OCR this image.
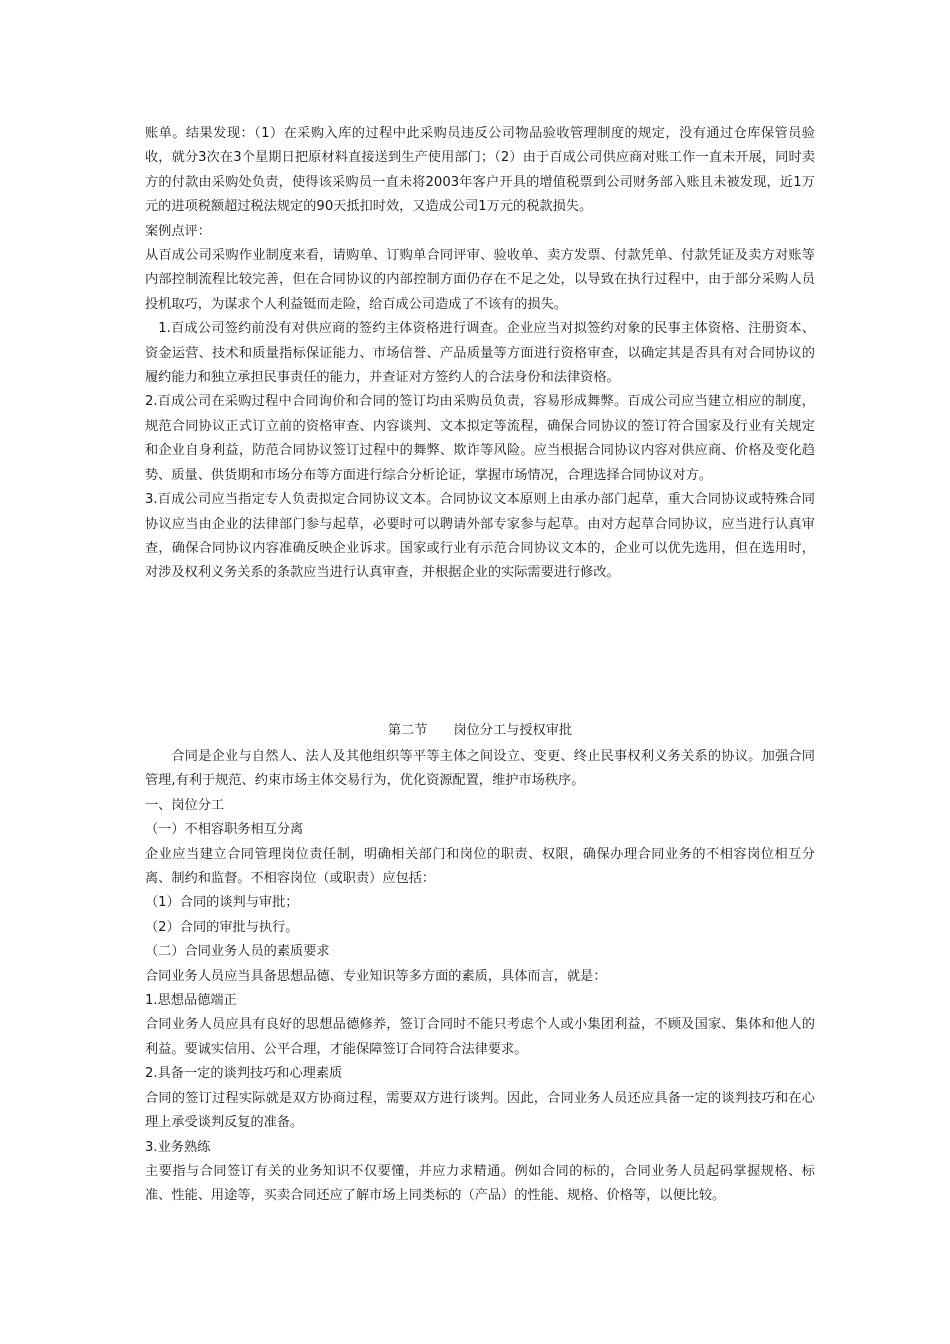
账单。结果发现：（1）在采购入库的过程中此采购员违反公司物品验收管理制度的规定，没有通过仓库保管员验收，就分3次在3个星期日把原材料直接送到生产使用部门；（2）由于百成公司供应商对账工作一直未开展，同时卖方的付款由采购处负责，使得该采购员一直未将2003年客户开具的增值税票到公司财务部入账且未被发现，近1万元的进项税额超过税法规定的90天抵扣时效，又造成公司1万元的税款损失。

案例点评：

从百成公司采购作业制度来看，请购单、订购单合同评审、验收单、卖方发票、付款凭单、付款凭证及卖方对账等内部控制流程比较完善，但在合同协议的内部控制方面仍存在不足之处，以导致在执行过程中，由于部分采购人员投机取巧，为谋求个人利益铤而走险，给百成公司造成了不该有的损失。

1.百成公司签约前没有对供应商的签约主体资格进行调查。企业应当对拟签约对象的民事主体资格、注册资本、资金运营、技术和质量指标保证能力、市场信誉、产品质量等方面进行资格审查，以确定其是否具有对合同协议的履约能力和独立承担民事责任的能力，并查证对方签约人的合法身份和法律资格。

2.百成公司在采购过程中合同询价和合同的签订均由采购员负责，容易形成舞弊。百成公司应当建立相应的制度，规范合同协议正式订立前的资格审查、内容谈判、文本拟定等流程，确保合同协议的签订符合国家及行业有关规定和企业自身利益，防范合同协议签订过程中的舞弊、欺诈等风险。应当根据合同协议内容对供应商、价格及变化趋势、质量、供货期和市场分布等方面进行综合分析论证，掌握市场情况，合理选择合同协议对方。

3.百成公司应当指定专人负责拟定合同协议文本。合同协议文本原则上由承办部门起草，重大合同协议或特殊合同协议应当由企业的法律部门参与起草，必要时可以聘请外部专家参与起草。由对方起草合同协议，应当进行认真审查，确保合同协议内容准确反映企业诉求。国家或行业有示范合同协议文本的，企业可以优先选用，但在选用时，对涉及权利义务关系的条款应当进行认真审查，并根据企业的实际需要进行修改。

第二节 岗位分工与授权审批

合同是企业与自然人、法人及其他组织等平等主体之间设立、变更、终止民事权利义务关系的协议。加强合同管理,有利于规范、约束市场主体交易行为，优化资源配置，维护市场秩序。

一、岗位分工

（一）不相容职务相互分离

企业应当建立合同管理岗位责任制，明确相关部门和岗位的职责、权限，确保办理合同业务的不相容岗位相互分离、制约和监督。不相容岗位（或职责）应包括：

（1）合同的谈判与审批；

（2）合同的审批与执行。

（二）合同业务人员的素质要求

合同业务人员应当具备思想品德、专业知识等多方面的素质，具体而言，就是：

1.思想品德端正

合同业务人员应具有良好的思想品德修养，签订合同时不能只考虑个人或小集团利益，不顾及国家、集体和他人的利益。要诚实信用、公平合理，才能保障签订合同符合法律要求。

2.具备一定的谈判技巧和心理素质

合同的签订过程实际就是双方协商过程，需要双方进行谈判。因此，合同业务人员还应具备一定的谈判技巧和在心理上承受谈判反复的准备。

3.业务熟练

主要指与合同签订有关的业务知识不仅要懂，并应力求精通。例如合同的标的，合同业务人员起码掌握规格、标准、性能、用途等，买卖合同还应了解市场上同类标的（产品）的性能、规格、价格等，以便比较。
